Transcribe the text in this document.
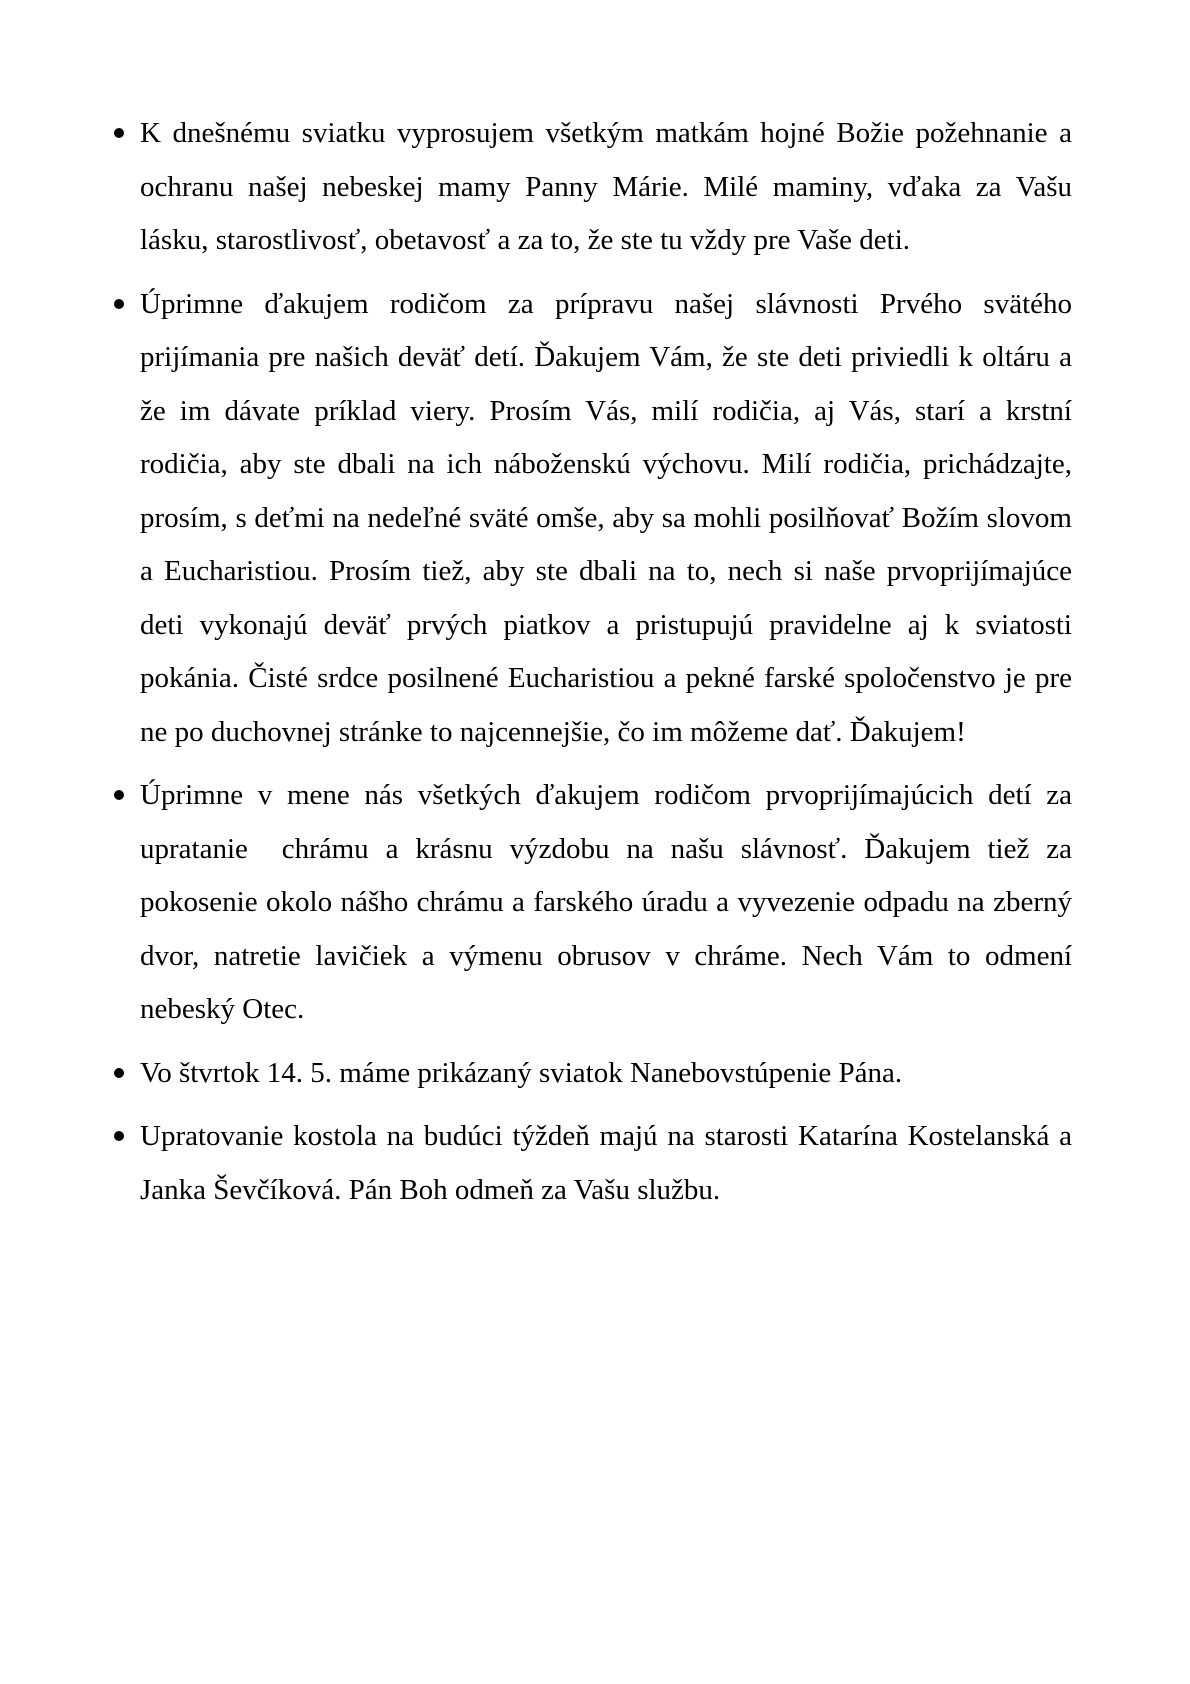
K dnešnému sviatku vyprosujem všetkým matkám hojné Božie požehnanie a ochranu našej nebeskej mamy Panny Márie. Milé maminy, vďaka za Vašu lásku, starostlivosť, obetavosť a za to, že ste tu vždy pre Vaše deti.
Úprimne ďakujem rodičom za prípravu našej slávnosti Prvého svätého prijímania pre našich deväť detí. Ďakujem Vám, že ste deti priviedli k oltáru a že im dávate príklad viery. Prosím Vás, milí rodičia, aj Vás, starí a krstní rodičia, aby ste dbali na ich náboženskú výchovu. Milí rodičia, prichádzajte, prosím, s deťmi na nedeľné sväté omše, aby sa mohli posilňovať Božím slovom a Eucharistiou. Prosím tiež, aby ste dbali na to, nech si naše prvoprijímajúce deti vykonajú deväť prvých piatkov a pristupujú pravidelne aj k sviatosti pokánia. Čisté srdce posilnené Eucharistiou a pekné farské spoločenstvo je pre ne po duchovnej stránke to najcennejšie, čo im môžeme dať. Ďakujem!
Úprimne v mene nás všetkých ďakujem rodičom prvoprijímajúcich detí za upratanie  chrámu a krásnu výzdobu na našu slávnosť. Ďakujem tiež za pokosenie okolo nášho chrámu a farského úradu a vyvezenie odpadu na zberný dvor, natretie lavičiek a výmenu obrusov v chráme. Nech Vám to odmení nebeský Otec.
Vo štvrtok 14. 5. máme prikázaný sviatok Nanebovstúpenie Pána.
Upratovanie kostola na budúci týždeň majú na starosti Katarína Kostelanská a Janka Ševčíková. Pán Boh odmeň za Vašu službu.
